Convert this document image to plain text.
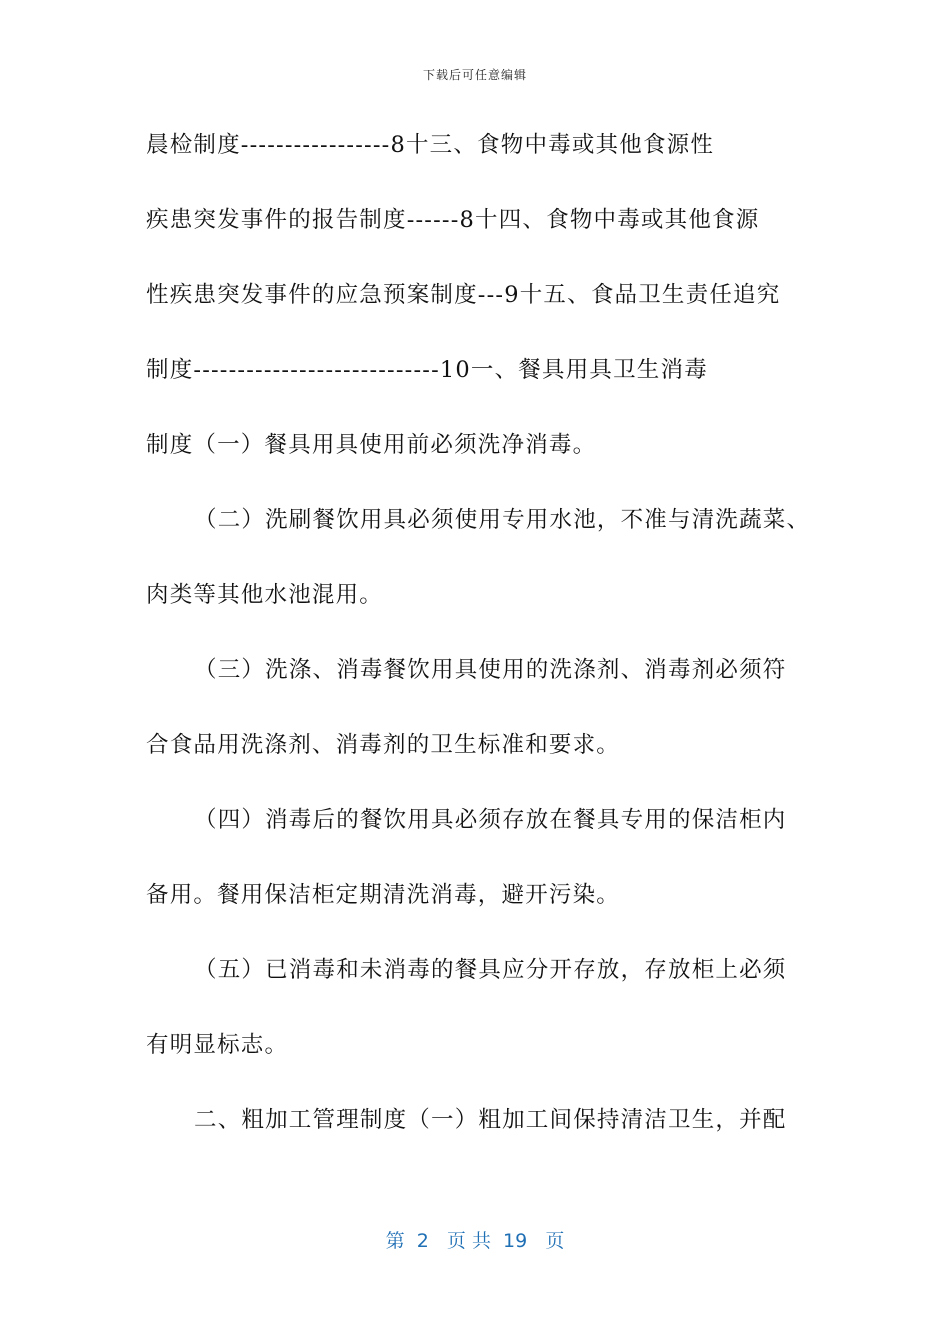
下载后可任意编辑
晨检制度-----------------8十三、食物中毒或其他食源性
疾患突发事件的报告制度------8十四、食物中毒或其他食源
性疾患突发事件的应急预案制度---9十五、食品卫生责任追究
制度----------------------------10一、餐具用具卫生消毒
制度（一）餐具用具使用前必须洗净消毒。
（二）洗刷餐饮用具必须使用专用水池，不准与清洗蔬菜、
肉类等其他水池混用。
（三）洗涤、消毒餐饮用具使用的洗涤剂、消毒剂必须符
合食品用洗涤剂、消毒剂的卫生标准和要求。
（四）消毒后的餐饮用具必须存放在餐具专用的保洁柜内
备用。餐用保洁柜定期清洗消毒，避开污染。
（五）已消毒和未消毒的餐具应分开存放，存放柜上必须
有明显标志。
二、粗加工管理制度（一）粗加工间保持清洁卫生，并配
第  2   页 共  19   页
